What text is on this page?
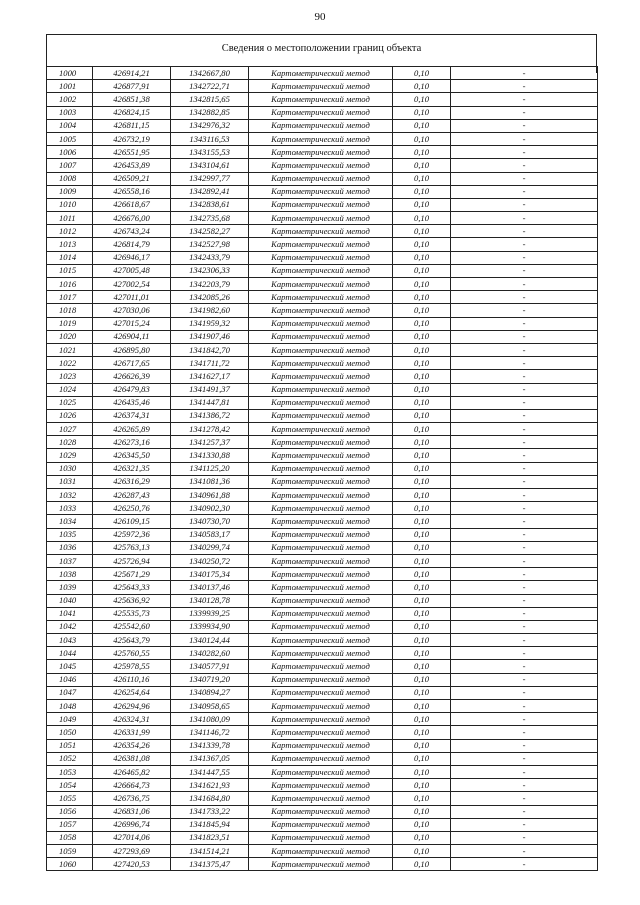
90
Сведения о местоположении границ объекта
1000	426914,21	1342667,80	Картометрический метод	0,10	-
1001	426877,91	1342722,71	Картометрический метод	0,10	-
1002	426851,38	1342815,65	Картометрический метод	0,10	-
1003	426824,15	1342882,85	Картометрический метод	0,10	-
1004	426811,15	1342976,32	Картометрический метод	0,10	-
1005	426732,19	1343116,53	Картометрический метод	0,10	-
1006	426551,95	1343155,53	Картометрический метод	0,10	-
1007	426453,89	1343104,61	Картометрический метод	0,10	-
1008	426509,21	1342997,77	Картометрический метод	0,10	-
1009	426558,16	1342892,41	Картометрический метод	0,10	-
1010	426618,67	1342838,61	Картометрический метод	0,10	-
1011	426676,00	1342735,68	Картометрический метод	0,10	-
1012	426743,24	1342582,27	Картометрический метод	0,10	-
1013	426814,79	1342527,98	Картометрический метод	0,10	-
1014	426946,17	1342433,79	Картометрический метод	0,10	-
1015	427005,48	1342306,33	Картометрический метод	0,10	-
1016	427002,54	1342203,79	Картометрический метод	0,10	-
1017	427011,01	1342085,26	Картометрический метод	0,10	-
1018	427030,06	1341982,60	Картометрический метод	0,10	-
1019	427015,24	1341959,32	Картометрический метод	0,10	-
1020	426904,11	1341907,46	Картометрический метод	0,10	-
1021	426895,80	1341842,70	Картометрический метод	0,10	-
1022	426717,65	1341711,72	Картометрический метод	0,10	-
1023	426626,39	1341627,17	Картометрический метод	0,10	-
1024	426479,83	1341491,37	Картометрический метод	0,10	-
1025	426435,46	1341447,81	Картометрический метод	0,10	-
1026	426374,31	1341386,72	Картометрический метод	0,10	-
1027	426265,89	1341278,42	Картометрический метод	0,10	-
1028	426273,16	1341257,37	Картометрический метод	0,10	-
1029	426345,50	1341330,88	Картометрический метод	0,10	-
1030	426321,35	1341125,20	Картометрический метод	0,10	-
1031	426316,29	1341081,36	Картометрический метод	0,10	-
1032	426287,43	1340961,88	Картометрический метод	0,10	-
1033	426250,76	1340902,30	Картометрический метод	0,10	-
1034	426109,15	1340730,70	Картометрический метод	0,10	-
1035	425972,36	1340583,17	Картометрический метод	0,10	-
1036	425763,13	1340299,74	Картометрический метод	0,10	-
1037	425726,94	1340250,72	Картометрический метод	0,10	-
1038	425671,29	1340175,34	Картометрический метод	0,10	-
1039	425643,33	1340137,46	Картометрический метод	0,10	-
1040	425636,92	1340128,78	Картометрический метод	0,10	-
1041	425535,73	1339939,25	Картометрический метод	0,10	-
1042	425542,60	1339934,90	Картометрический метод	0,10	-
1043	425643,79	1340124,44	Картометрический метод	0,10	-
1044	425760,55	1340282,60	Картометрический метод	0,10	-
1045	425978,55	1340577,91	Картометрический метод	0,10	-
1046	426110,16	1340719,20	Картометрический метод	0,10	-
1047	426254,64	1340894,27	Картометрический метод	0,10	-
1048	426294,96	1340958,65	Картометрический метод	0,10	-
1049	426324,31	1341080,09	Картометрический метод	0,10	-
1050	426331,99	1341146,72	Картометрический метод	0,10	-
1051	426354,26	1341339,78	Картометрический метод	0,10	-
1052	426381,08	1341367,05	Картометрический метод	0,10	-
1053	426465,82	1341447,55	Картометрический метод	0,10	-
1054	426664,73	1341621,93	Картометрический метод	0,10	-
1055	426736,75	1341684,80	Картометрический метод	0,10	-
1056	426831,06	1341733,22	Картометрический метод	0,10	-
1057	426996,74	1341845,94	Картометрический метод	0,10	-
1058	427014,06	1341823,51	Картометрический метод	0,10	-
1059	427293,69	1341514,21	Картометрический метод	0,10	-
1060	427420,53	1341375,47	Картометрический метод	0,10	-
